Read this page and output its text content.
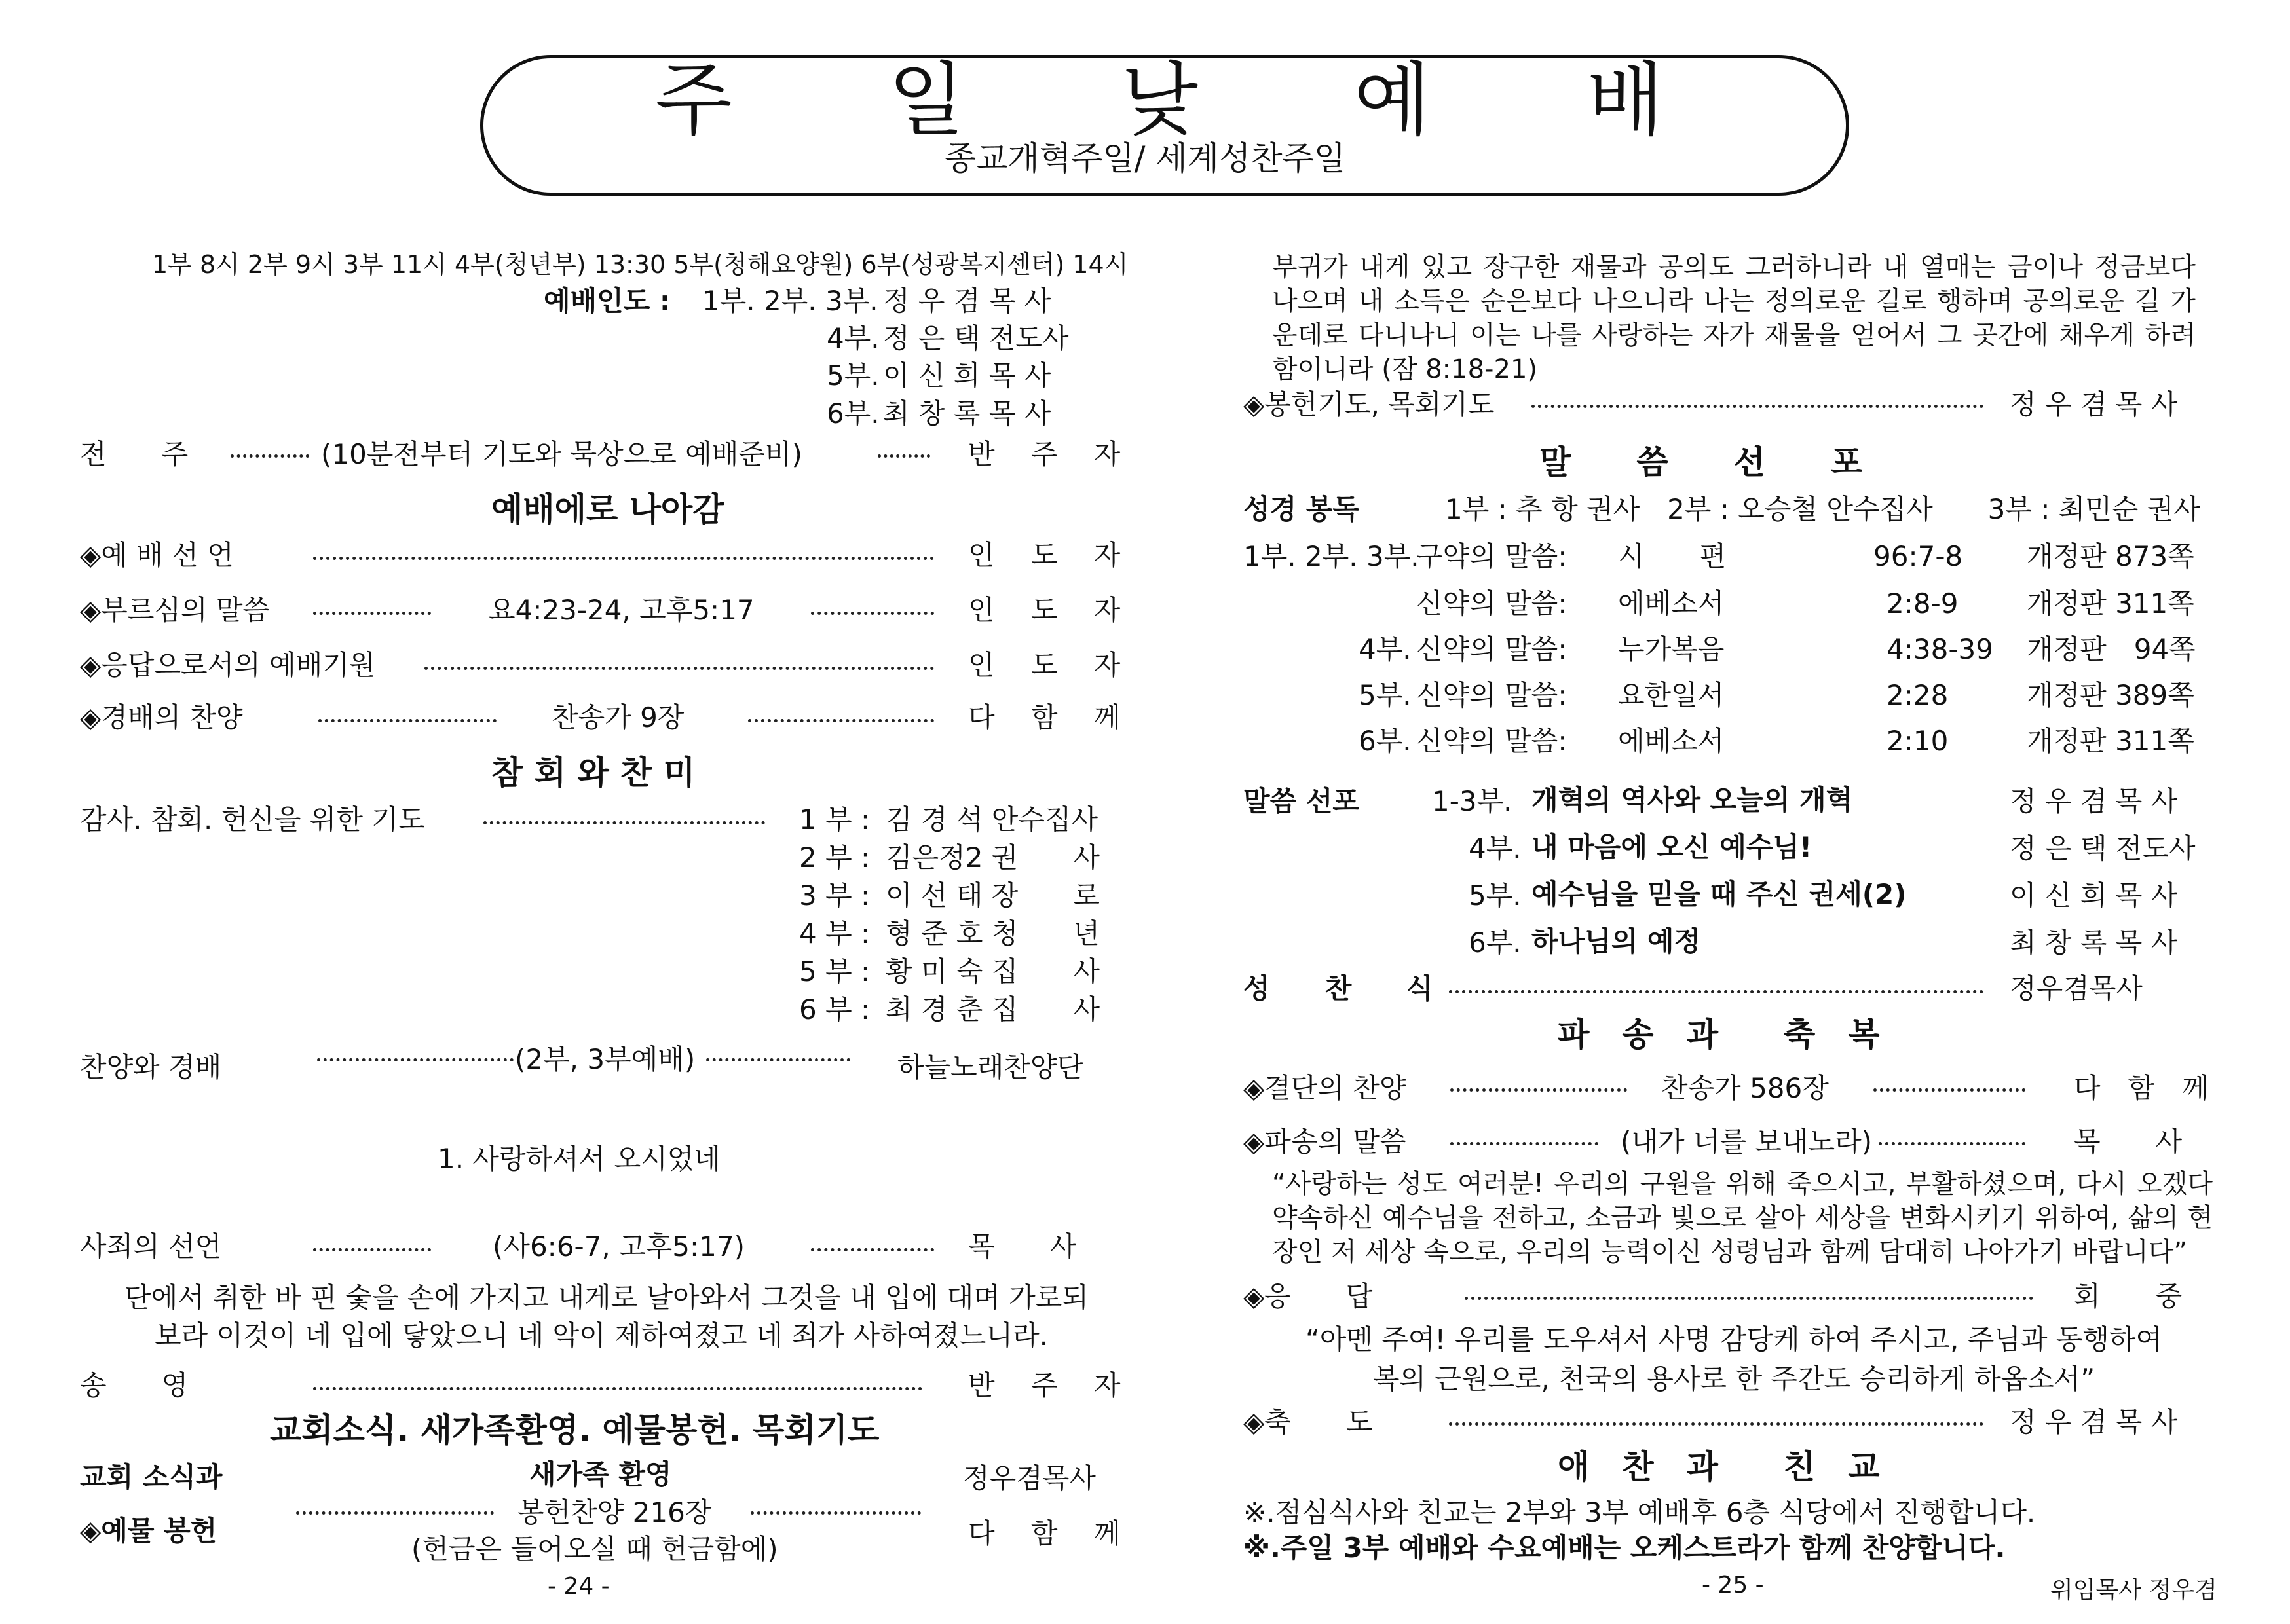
주 일 낮 예 배
종교개혁주일/ 세계성찬주일
1부 8시 2부 9시 3부 11시 4부(청년부) 13:30 5부(청해요양원) 6부(성광복지센터) 14시
예배인도 : 1부. 2부. 3부. 정 우 겸 목 사
4부. 정 은 택 전도사
5부. 이 신 희 목 사
6부. 최 창 록 목 사
전　　주	(10분전부터 기도와 묵상으로 예배준비)	반 주 자
예배에로 나아감
◈예 배 선 언	인 도 자
◈부르심의 말씀	요4:23-24, 고후5:17	인 도 자
◈응답으로서의 예배기원	인 도 자
◈경배의 찬양	찬송가 9장	다 함 께
참 회 와 찬 미
감사. 참회. 헌신을 위한 기도	1 부 : 김 경 석 안수집사
2 부 : 김은정2 권　　사
3 부 : 이 선 태 장　　로
4 부 : 형 준 호 청　　년
5 부 : 황 미 숙 집　　사
6 부 : 최 경 춘 집　　사
찬양와 경배	(2부, 3부예배)	하늘노래찬양단
1. 사랑하셔서 오시었네
사죄의 선언	(사6:6-7, 고후5:17)	목　　사
단에서 취한 바 핀 숯을 손에 가지고 내게로 날아와서 그것을 내 입에 대며 가로되
보라 이것이 네 입에 닿았으니 네 악이 제하여졌고 네 죄가 사하여졌느니라.
송　　영	반 주 자
교회소식. 새가족환영. 예물봉헌. 목회기도
교회 소식과	새가족 환영	정우겸목사
◈예물 봉헌
봉헌찬양 216장
(헌금은 들어오실 때 헌금함에)	다 함 께
- 24 -
부귀가 내게 있고 장구한 재물과 공의도 그러하니라 내 열매는 금이나 정금보다 나으며 내 소득은 순은보다 나으니라 나는 정의로운 길로 행하며 공의로운 길 가운데로 다니나니 이는 나를 사랑하는 자가 재물을 얻어서 그 곳간에 채우게 하려 함이니라 (잠 8:18-21)
◈봉헌기도, 목회기도	정 우 겸 목 사
말　　씀　　선　　포
성경 봉독	1부 : 추 항 권사　2부 : 오승철 안수집사　　3부 : 최민순 권사
1부. 2부. 3부.
구약의 말씀: 시　　편	96:7-8 개정판 873쪽
신약의 말씀: 에베소서	2:8-9 개정판 311쪽
4부. 신약의 말씀: 누가복음	4:38-39 개정판　94쪽
5부. 신약의 말씀: 요한일서	2:28	개정판 389쪽
6부. 신약의 말씀: 에베소서	2:10	개정판 311쪽
말씀 선포	1-3부. 개혁의 역사와 오늘의 개혁	정 우 겸 목 사
4부. 내 마음에 오신 예수님!	정 은 택 전도사
5부. 예수님을 믿을 때 주신 권세(2)	이 신 희 목 사
6부. 하나님의 예정	최 창 록 목 사
성　　찬　　식	정우겸목사
파　송　과　　축　복
◈결단의 찬양	찬송가 586장	다　함　께
◈파송의 말씀	(내가 너를 보내노라)	목　　사
“사랑하는 성도 여러분! 우리의 구원을 위해 죽으시고, 부활하셨으며, 다시 오겠다 약속하신 예수님을 전하고, 소금과 빛으로 살아 세상을 변화시키기 위하여, 삶의 현장인 저 세상 속으로, 우리의 능력이신 성령님과 함께 담대히 나아가기 바랍니다”
◈응　　답	회　　중
“아멘 주여! 우리를 도우셔서 사명 감당케 하여 주시고, 주님과 동행하여
복의 근원으로, 천국의 용사로 한 주간도 승리하게 하옵소서”
◈축　　도	정 우 겸 목 사
애　찬　과　　친　교
※.점심식사와 친교는 2부와 3부 예배후 6층 식당에서 진행합니다.
※.주일 3부 예배와 수요예배는 오케스트라가 함께 찬양합니다.
- 25 -	위임목사 정우겸
